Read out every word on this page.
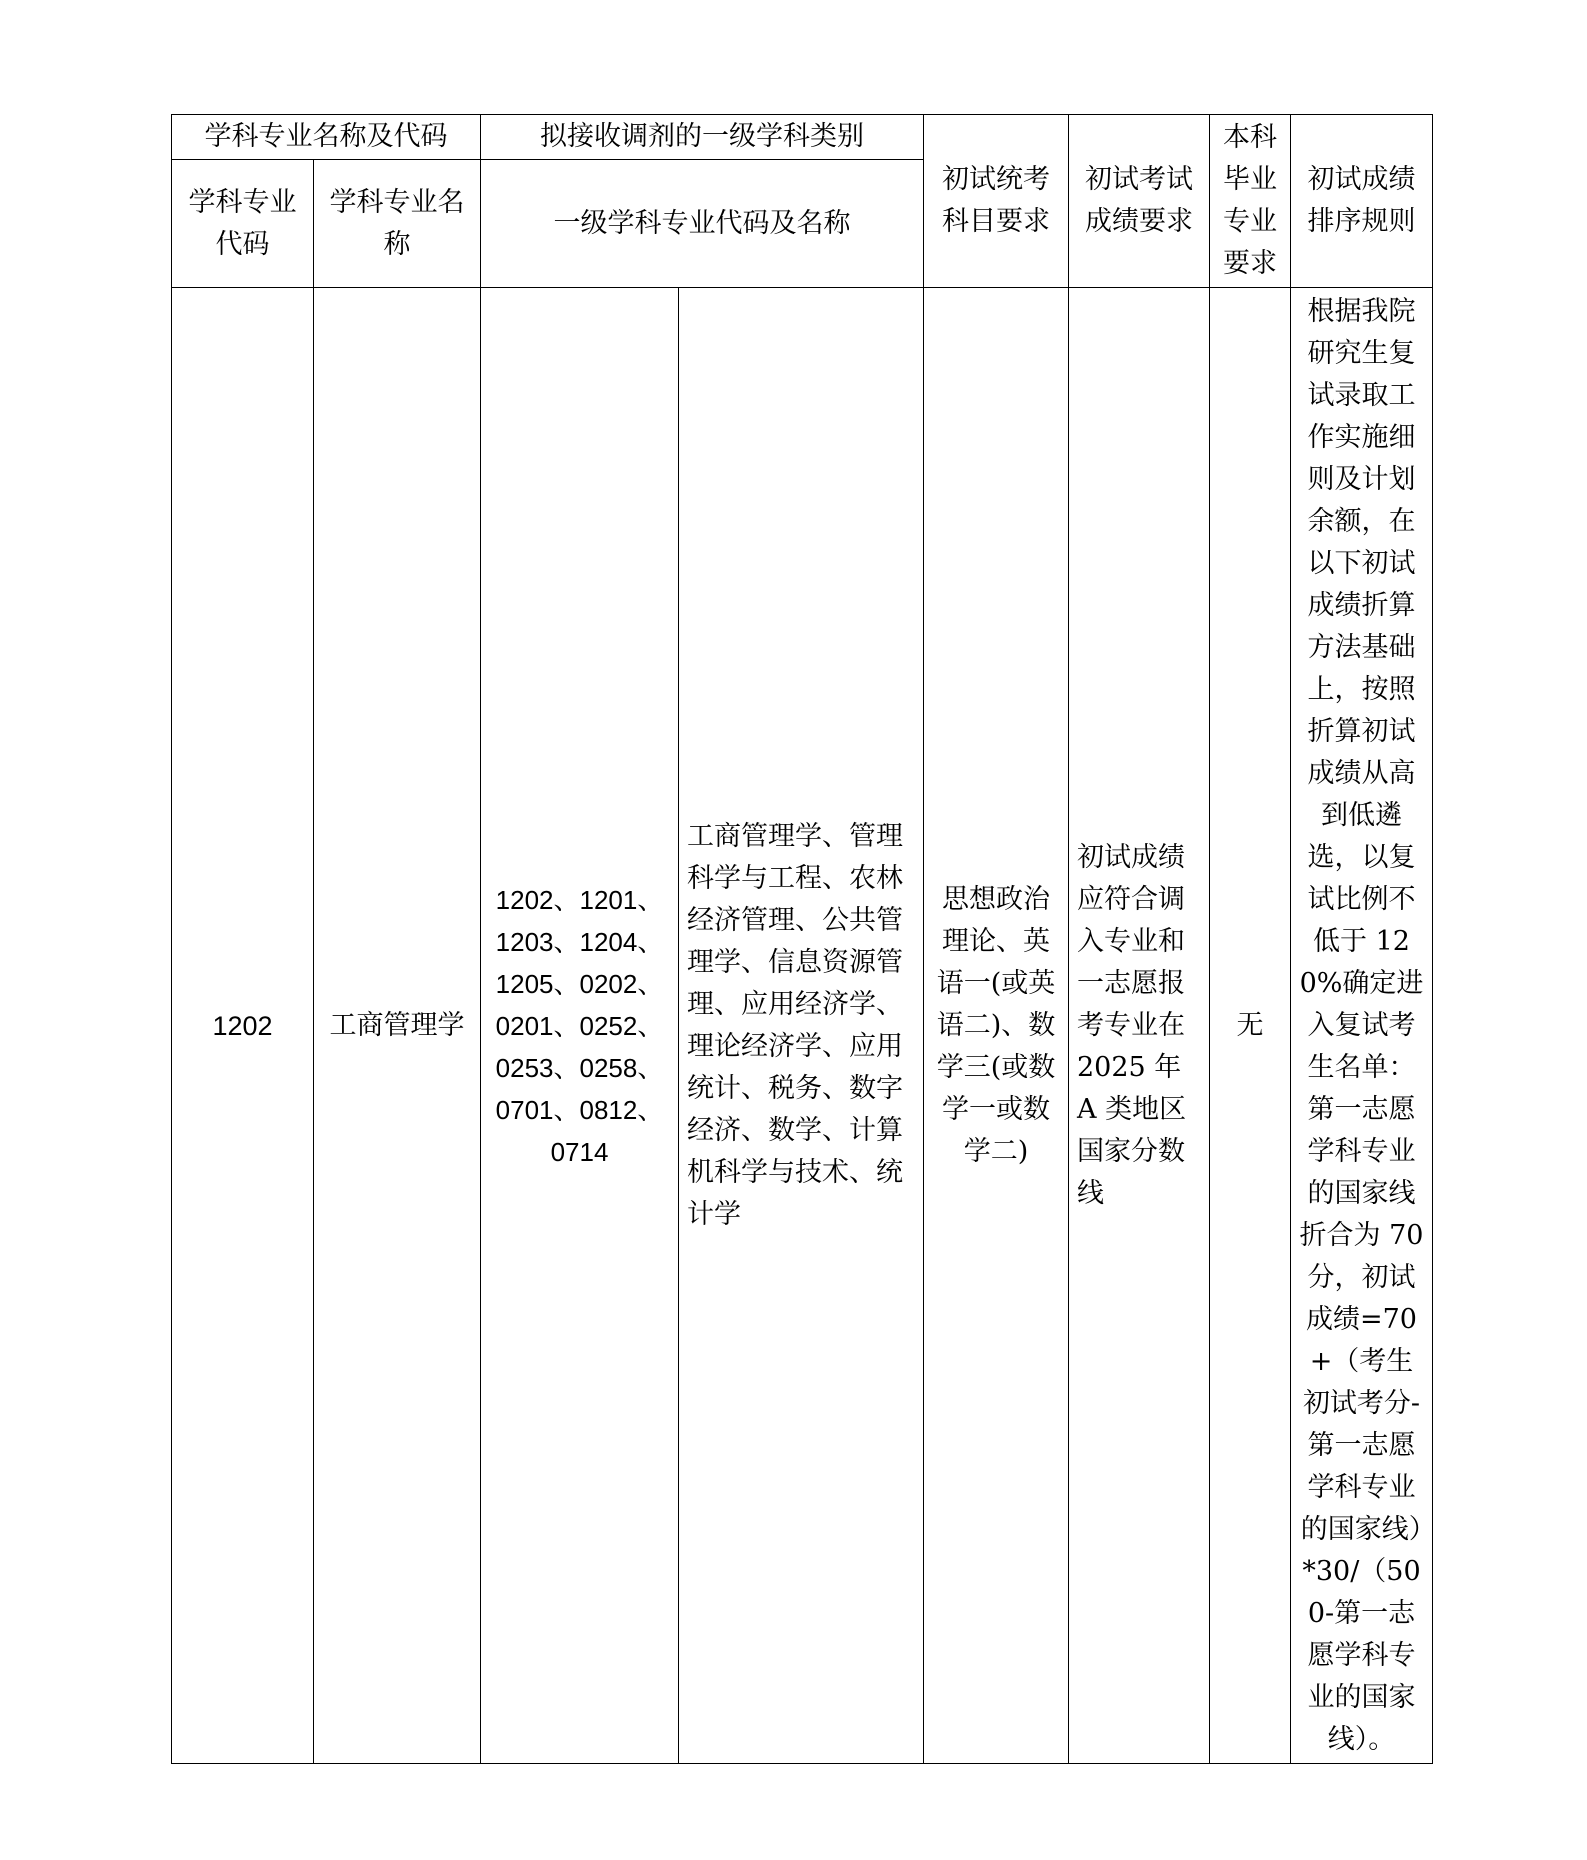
学科专业名称及代码		拟接收调剂的一级学科类别		初试统考科目要求	初试考试成绩要求	本科毕业专业要求	初试成绩排序规则
学科专业代码	学科专业名称	一级学科专业代码及名称					
1202	工商管理学	1202、1201、1203、1204、1205、0202、0201、0252、0253、0258、0701、0812、 0714	工商管理学、管理科学与工程、农林经济管理、公共管理学、信息资源管理、应用经济学、理论经济学、应用统计、税务、数字经济、数学、计算机科学与技术、统计学	思想政治理论、英语一(或英语二)、数学三(或数学一或数学二)	初试成绩应符合调入专业和一志愿报考专业在 2025 年 A 类地区国家分数线	无	根据我院研究生复试录取工作实施细则及计划余额，在以下初试成绩折算方法基础上，按照折算初试成绩从高到低遴选，以复试比例不低于 120%确定进入复试考生名单：第一志愿学科专业的国家线折合为 70 分，初试成绩=70+（考生初试考分-第一志愿学科专业的国家线）*30/（500-第一志愿学科专业的国家线）。
